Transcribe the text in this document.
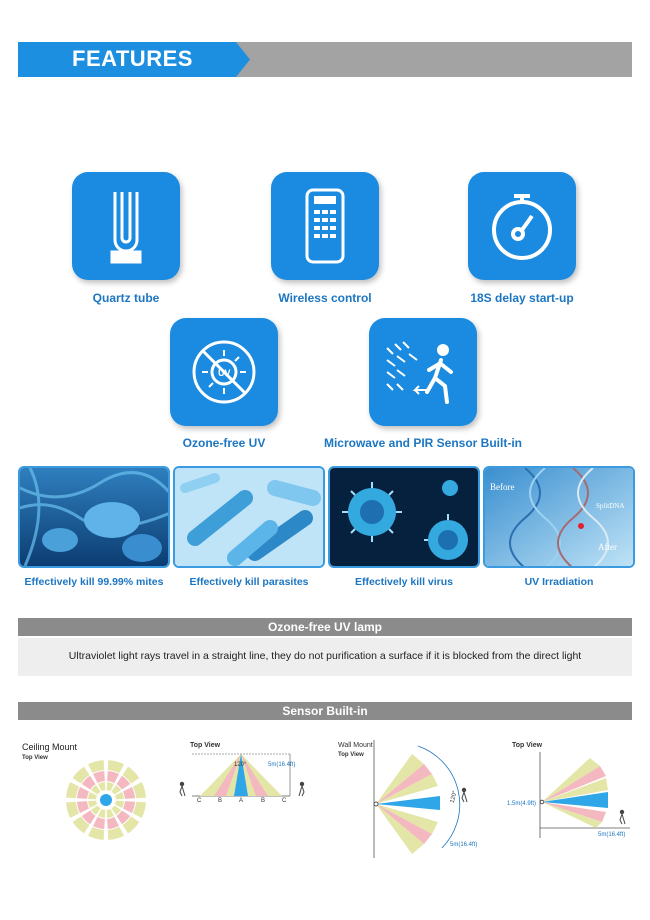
FEATURES
Quartz tube	Wireless control	18S delay start-up
UV
Ozone-free UV	Microwave and PIR Sensor Built-in
Effectively kill 99.99% mites	Effectively kill parasites	Effectively kill virus
Before
SplitDNA
After
UV Irradiation
Ozone-free UV lamp
Ultraviolet light rays travel in a straight line, they do not purification a surface if it is blocked from the direct light
Sensor Built-in
Ceiling Mount
Top View
Top View
120°	5m(16.4ft)
C	B	A	B	C
Wall Mount
Top View
120°
5m(16.4ft)
Top View
1.5m(4.9ft)
5m(16.4ft)
